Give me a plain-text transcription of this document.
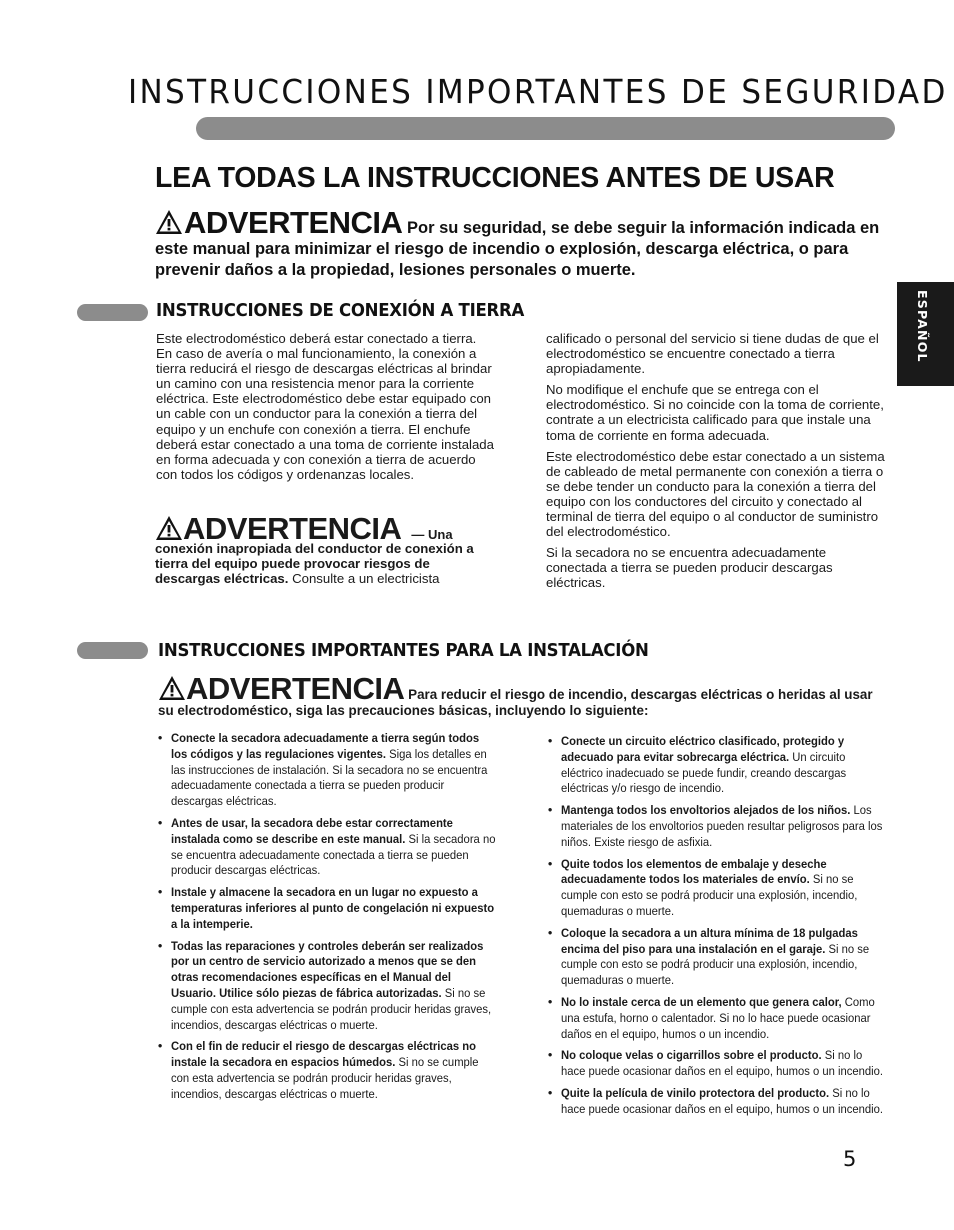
INSTRUCCIONES IMPORTANTES DE SEGURIDAD
LEA TODAS LA INSTRUCCIONES ANTES DE USAR
ADVERTENCIA Por su seguridad, se debe seguir la información indicada en este manual para minimizar el riesgo de incendio o explosión, descarga eléctrica, o para prevenir daños a la propiedad, lesiones personales o muerte.
INSTRUCCIONES DE CONEXIÓN A TIERRA

Este electrodoméstico deberá estar conectado a tierra. En caso de avería o mal funcionamiento, la conexión a tierra reducirá el riesgo de descargas eléctricas al brindar un camino con una resistencia menor para la corriente eléctrica. Este electrodoméstico debe estar equipado con un cable con un conductor para la conexión a tierra del equipo y un enchufe con conexión a tierra. El enchufe deberá estar conectado a una toma de corriente instalada en forma adecuada y con conexión a tierra de acuerdo con todos los códigos y ordenanzas locales.

ADVERTENCIA — Una
conexión inapropiada del conductor de conexión a tierra del equipo puede provocar riesgos de descargas eléctricas. Consulte a un electricista

calificado o personal del servicio si tiene dudas de que el electrodoméstico se encuentre conectado a tierra apropiadamente.

No modifique el enchufe que se entrega con el electrodoméstico. Si no coincide con la toma de corriente, contrate a un electricista calificado para que instale una toma de corriente en forma adecuada.

Este electrodoméstico debe estar conectado a un sistema de cableado de metal permanente con conexión a tierra o se debe tender un conducto para la conexión a tierra del equipo con los conductores del circuito y conectado al terminal de tierra del equipo o al conductor de suministro del electrodoméstico.

Si la secadora no se encuentra adecuadamente conectada a tierra se pueden producir descargas eléctricas.

INSTRUCCIONES IMPORTANTES PARA LA INSTALACIÓN
ADVERTENCIA Para reducir el riesgo de incendio, descargas eléctricas o heridas al usar su electrodoméstico, siga las precauciones básicas, incluyendo lo siguiente:
• Conecte la secadora adecuadamente a tierra según todos los códigos y las regulaciones vigentes. Siga los detalles en las instrucciones de instalación. Si la secadora no se encuentra adecuadamente conectada a tierra se pueden producir descargas eléctricas.
• Antes de usar, la secadora debe estar correctamente instalada como se describe en este manual. Si la secadora no se encuentra adecuadamente conectada a tierra se pueden producir descargas eléctricas.
• Instale y almacene la secadora en un lugar no expuesto a temperaturas inferiores al punto de congelación ni expuesto a la intemperie.
• Todas las reparaciones y controles deberán ser realizados por un centro de servicio autorizado a menos que se den otras recomendaciones específicas en el Manual del Usuario. Utilice sólo piezas de fábrica autorizadas. Si no se cumple con esta advertencia se podrán producir heridas graves, incendios, descargas eléctricas o muerte.
• Con el fin de reducir el riesgo de descargas eléctricas no instale la secadora en espacios húmedos. Si no se cumple con esta advertencia se podrán producir heridas graves, incendios, descargas eléctricas o muerte.
• Conecte un circuito eléctrico clasificado, protegido y adecuado para evitar sobrecarga eléctrica. Un circuito eléctrico inadecuado se puede fundir, creando descargas eléctricas y/o riesgo de incendio.
• Mantenga todos los envoltorios alejados de los niños. Los materiales de los envoltorios pueden resultar peligrosos para los niños. Existe riesgo de asfixia.
• Quite todos los elementos de embalaje y deseche adecuadamente todos los materiales de envío. Si no se cumple con esto se podrá producir una explosión, incendio, quemaduras o muerte.
• Coloque la secadora a un altura mínima de 18 pulgadas encima del piso para una instalación en el garaje. Si no se cumple con esto se podrá producir una explosión, incendio, quemaduras o muerte.
• No lo instale cerca de un elemento que genera calor, Como una estufa, horno o calentador. Si no lo hace puede ocasionar daños en el equipo, humos o un incendio.
• No coloque velas o cigarrillos sobre el producto. Si no lo hace puede ocasionar daños en el equipo, humos o un incendio.
• Quite la película de vinilo protectora del producto. Si no lo hace puede ocasionar daños en el equipo, humos o un incendio.
ESPAÑOL
5
